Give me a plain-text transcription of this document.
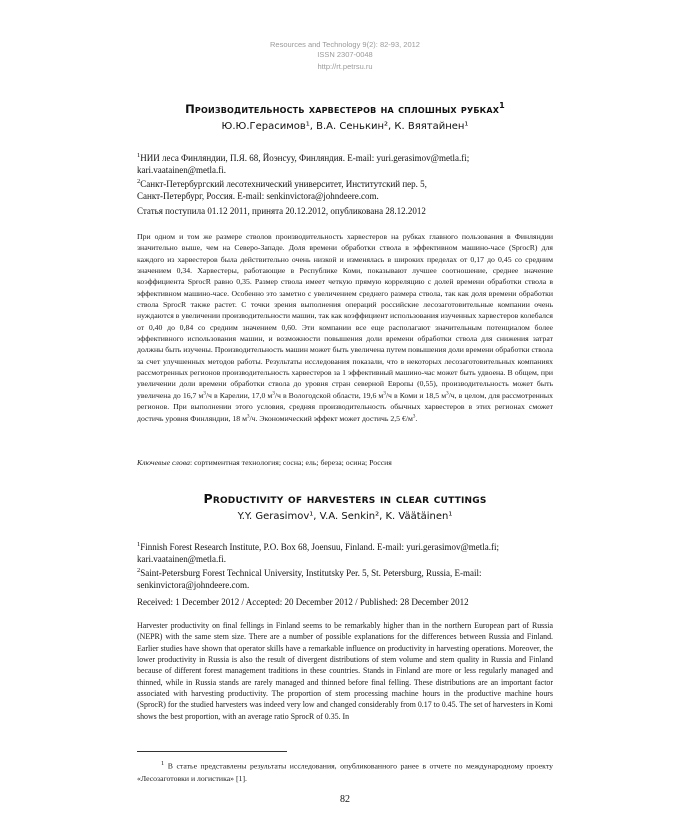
Resources and Technology 9(2): 82-93, 2012
ISSN 2307-0048
http://rt.petrsu.ru
Производительность харвестеров на сплошных рубках$^1$
Ю.Ю.Герасимов¹, В.А. Сенькин², К. Вяятайнен¹
$^1$НИИ леса Финляндии, П.Я. 68, Йоэнсуу, Финляндия. E-mail: yuri.gerasimov@metla.fi;
kari.vaatainen@metla.fi.
$^2$Санкт-Петербургский лесотехнический университет, Институтский пер. 5,
Санкт-Петербург, Россия. E-mail: senkinvictora@johndeere.com.
Статья поступила 01.12 2011, принята 20.12.2012, опубликована 28.12.2012
При одном и том же размере стволов производительность харвестеров на рубках главного пользования в Финляндии значительно выше, чем на Северо-Западе. Доля времени обработки ствола в эффективном машино-часе (SprocR) для каждого из харвестеров была действительно очень низкой и изменялась в широких пределах от 0,17 до 0,45 со средним значением 0,34. Харвестеры, работающие в Республике Коми, показывают лучшее соотношение, среднее значение коэффициента SprocR равно 0,35. Размер ствола имеет четкую прямую корреляцию с долей времени обработки ствола в эффективном машино-часе. Особенно это заметно с увеличением среднего размера ствола, так как доля времени обработки ствола SprocR также растет. С точки зрения выполнения операций российские лесозаготовительные компании очень нуждаются в увеличении производительности машин, так как коэффициент использования изученных харвестеров колебался от 0,40 до 0,84 со средним значением 0,60. Эти компании все еще располагают значительным потенциалом более эффективного использования машин, и возможности повышения доли времени обработки ствола для снижения затрат должны быть изучены. Производительность машин может быть увеличена путем повышения доли времени обработки ствола за счет улучшенных методов работы. Результаты исследования показали, что в некоторых лесозаготовительных компаниях рассмотренных регионов производительность харвестеров за 1 эффективный машино-час может быть удвоена. В общем, при увеличении доли времени обработки ствола до уровня стран северной Европы (0,55), производительность может быть увеличена до 16,7 $м^3/ч$ в Карелии, 17,0 $м^3/ч$ в Вологодской области, 19,6 $м^3/ч$ в Коми и 18,5 $м^3/ч$, в целом, для рассмотренных регионов. При выполнении этого условия, средняя производительность обычных харвестеров в этих регионах сможет достичь уровня Финляндии, 18 $м^3/ч$. Экономический эффект может достичь 2,5 $€/м^3$.
Ключевые слова: сортиментная технология; сосна; ель; береза; осина; Россия
Productivity of harvesters in clear cuttings
Y.Y. Gerasimov¹, V.A. Senkin², K. Väätäinen¹
$^1$Finnish Forest Research Institute, P.O. Box 68, Joensuu, Finland. E-mail: yuri.gerasimov@metla.fi;
kari.vaatainen@metla.fi.
$^2$Saint-Petersburg Forest Technical University, Institutsky Per. 5, St. Petersburg, Russia, E-mail:
senkinvictora@johndeere.com.
Received: 1 December 2012 / Accepted: 20 December 2012 / Published: 28 December 2012
Harvester productivity on final fellings in Finland seems to be remarkably higher than in the northern European part of Russia (NEPR) with the same stem size. There are a number of possible explanations for the differences between Russia and Finland. Earlier studies have shown that operator skills have a remarkable influence on productivity in harvesting operations. Moreover, the lower productivity in Russia is also the result of divergent distributions of stem volume and stem quality in Russia and Finland because of different forest management traditions in these countries. Stands in Finland are more or less regularly managed and thinned, while in Russia stands are rarely managed and thinned before final felling. These distributions are an important factor associated with harvesting productivity. The proportion of stem processing machine hours in the productive machine hours (SprocR) for the studied harvesters was indeed very low and changed considerably from 0.17 to 0.45. The set of harvesters in Komi shows the best proportion, with an average ratio SprocR of 0.35. In
$^1$ В статье представлены результаты исследования, опубликованного ранее в отчете по международному проекту «Лесозаготовки и логистика» [1].
82
